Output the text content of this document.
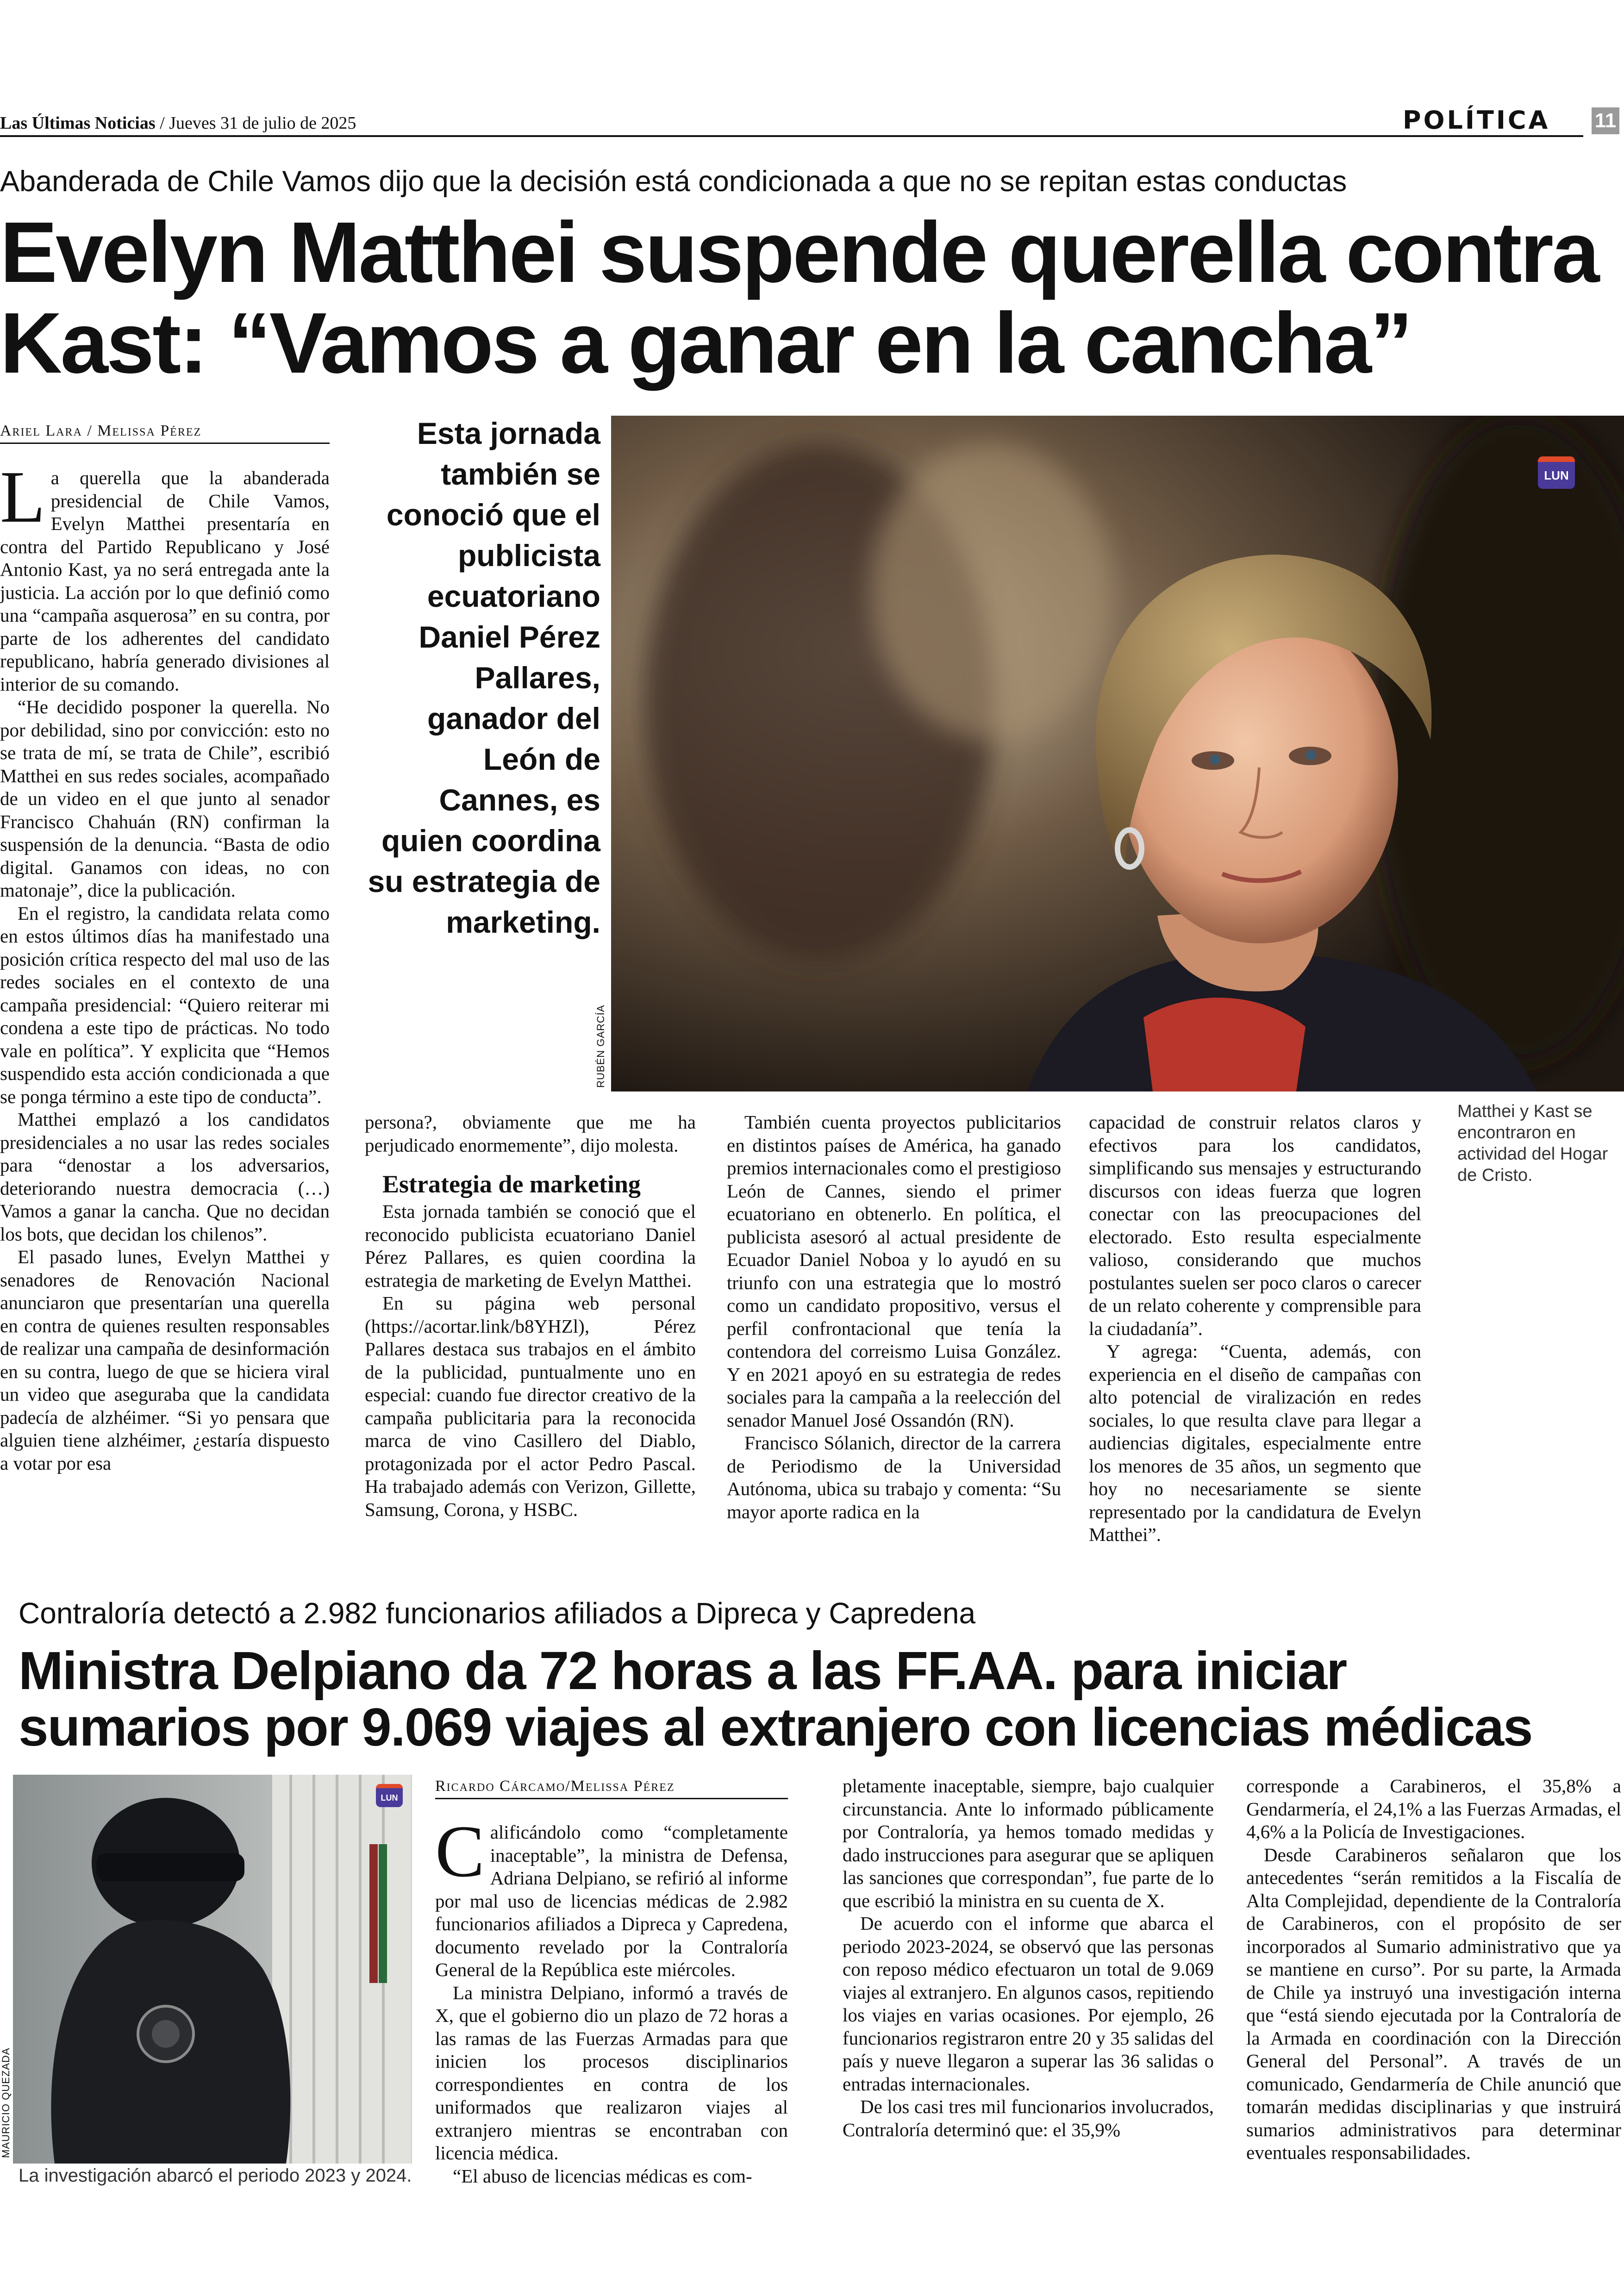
Las Últimas Noticias / Jueves 31 de julio de 2025	POLÍTICA 11
Abanderada de Chile Vamos dijo que la decisión está condicionada a que no se repitan estas conductas
Evelyn Matthei suspende querella contra
Kast: “Vamos a ganar en la cancha”
Ariel Lara / Melissa Pérez

La querella que la abanderada presidencial de Chile Vamos, Evelyn Matthei presentaría en contra del Partido Republicano y José Antonio Kast, ya no será entregada ante la justicia. La acción por lo que definió como una “campaña asquerosa” en su contra, por parte de los adherentes del candidato republicano, habría generado divisiones al interior de su comando.

“He decidido posponer la querella. No por debilidad, sino por convicción: esto no se trata de mí, se trata de Chile”, escribió Matthei en sus redes sociales, acompañado de un video en el que junto al senador Francisco Chahuán (RN) confirman la suspensión de la denuncia. “Basta de odio digital. Ganamos con ideas, no con matonaje”, dice la publicación.

En el registro, la candidata relata como en estos últimos días ha manifestado una posición crítica respecto del mal uso de las redes sociales en el contexto de una campaña presidencial: “Quiero reiterar mi condena a este tipo de prácticas. No todo vale en política”. Y explicita que “Hemos suspendido esta acción condicionada a que se ponga término a este tipo de conducta”.

Matthei emplazó a los candidatos presidenciales a no usar las redes sociales para “denostar a los adversarios, deteriorando nuestra democracia (…) Vamos a ganar la cancha. Que no decidan los bots, que decidan los chilenos”.

El pasado lunes, Evelyn Matthei y senadores de Renovación Nacional anunciaron que presentarían una querella en contra de quienes resulten responsables de realizar una campaña de desinformación en su contra, luego de que se hiciera viral un video que aseguraba que la candidata padecía de alzhéimer. “Si yo pensara que alguien tiene alzhéimer, ¿estaría dispuesto a votar por esa

Esta jornada también se conoció que el publicista ecuatoriano Daniel Pérez Pallares, ganador del León de Cannes, es quien coordina su estrategia de marketing.
LUN
RUBÉN GARCÍA
Matthei y Kast se encontraron en actividad del Hogar de Cristo.

persona?, obviamente que me ha perjudicado enormemente”, dijo molesta.

Estrategia de marketing

Esta jornada también se conoció que el reconocido publicista ecuatoriano Daniel Pérez Pallares, es quien coordina la estrategia de marketing de Evelyn Matthei.

En su página web personal (https://acortar.link/b8YHZl), Pérez Pallares destaca sus trabajos en el ámbito de la publicidad, puntualmente uno en especial: cuando fue director creativo de la campaña publicitaria para la reconocida marca de vino Casillero del Diablo, protagonizada por el actor Pedro Pascal. Ha trabajado además con Verizon, Gillette, Samsung, Corona, y HSBC.

También cuenta proyectos publicitarios en distintos países de América, ha ganado premios internacionales como el prestigioso León de Cannes, siendo el primer ecuatoriano en obtenerlo. En política, el publicista asesoró al actual presidente de Ecuador Daniel Noboa y lo ayudó en su triunfo con una estrategia que lo mostró como un candidato propositivo, versus el perfil confrontacional que tenía la contendora del correismo Luisa González. Y en 2021 apoyó en su estrategia de redes sociales para la campaña a la reelección del senador Manuel José Ossandón (RN).

Francisco Sólanich, director de la carrera de Periodismo de la Universidad Autónoma, ubica su trabajo y comenta: “Su mayor aporte radica en la

capacidad de construir relatos claros y efectivos para los candidatos, simplificando sus mensajes y estructurando discursos con ideas fuerza que logren conectar con las preocupaciones del electorado. Esto resulta especialmente valioso, considerando que muchos postulantes suelen ser poco claros o carecer de un relato coherente y comprensible para la ciudadanía”.

Y agrega: “Cuenta, además, con experiencia en el diseño de campañas con alto potencial de viralización en redes sociales, lo que resulta clave para llegar a audiencias digitales, especialmente entre los menores de 35 años, un segmento que hoy no necesariamente se siente representado por la candidatura de Evelyn Matthei”.

Contraloría detectó a 2.982 funcionarios afiliados a Dipreca y Capredena
Ministra Delpiano da 72 horas a las FF.AA. para iniciar
sumarios por 9.069 viajes al extranjero con licencias médicas
LUN
MAURICIO QUEZADA
La investigación abarcó el periodo 2023 y 2024.
Ricardo Cárcamo/Melissa Pérez

Calificándolo como “completamente inaceptable”, la ministra de Defensa, Adriana Delpiano, se refirió al informe por mal uso de licencias médicas de 2.982 funcionarios afiliados a Dipreca y Capredena, documento revelado por la Contraloría General de la República este miércoles.

La ministra Delpiano, informó a través de X, que el gobierno dio un plazo de 72 horas a las ramas de las Fuerzas Armadas para que inicien los procesos disciplinarios correspondientes en contra de los uniformados que realizaron viajes al extranjero mientras se encontraban con licencia médica.

“El abuso de licencias médicas es com-

pletamente inaceptable, siempre, bajo cualquier circunstancia. Ante lo informado públicamente por Contraloría, ya hemos tomado medidas y dado instrucciones para asegurar que se apliquen las sanciones que correspondan”, fue parte de lo que escribió la ministra en su cuenta de X.

De acuerdo con el informe que abarca el periodo 2023-2024, se observó que las personas con reposo médico efectuaron un total de 9.069 viajes al extranjero. En algunos casos, repitiendo los viajes en varias ocasiones. Por ejemplo, 26 funcionarios registraron entre 20 y 35 salidas del país y nueve llegaron a superar las 36 salidas o entradas internacionales.

De los casi tres mil funcionarios involucrados, Contraloría determinó que: el 35,9%

corresponde a Carabineros, el 35,8% a Gendarmería, el 24,1% a las Fuerzas Armadas, el 4,6% a la Policía de Investigaciones.

Desde Carabineros señalaron que los antecedentes “serán remitidos a la Fiscalía de Alta Complejidad, dependiente de la Contraloría de Carabineros, con el propósito de ser incorporados al Sumario administrativo que ya se mantiene en curso”. Por su parte, la Armada de Chile ya instruyó una investigación interna que “está siendo ejecutada por la Contraloría de la Armada en coordinación con la Dirección General del Personal”. A través de un comunicado, Gendarmería de Chile anunció que tomarán medidas disciplinarias y que instruirá sumarios administrativos para determinar eventuales responsabilidades.
